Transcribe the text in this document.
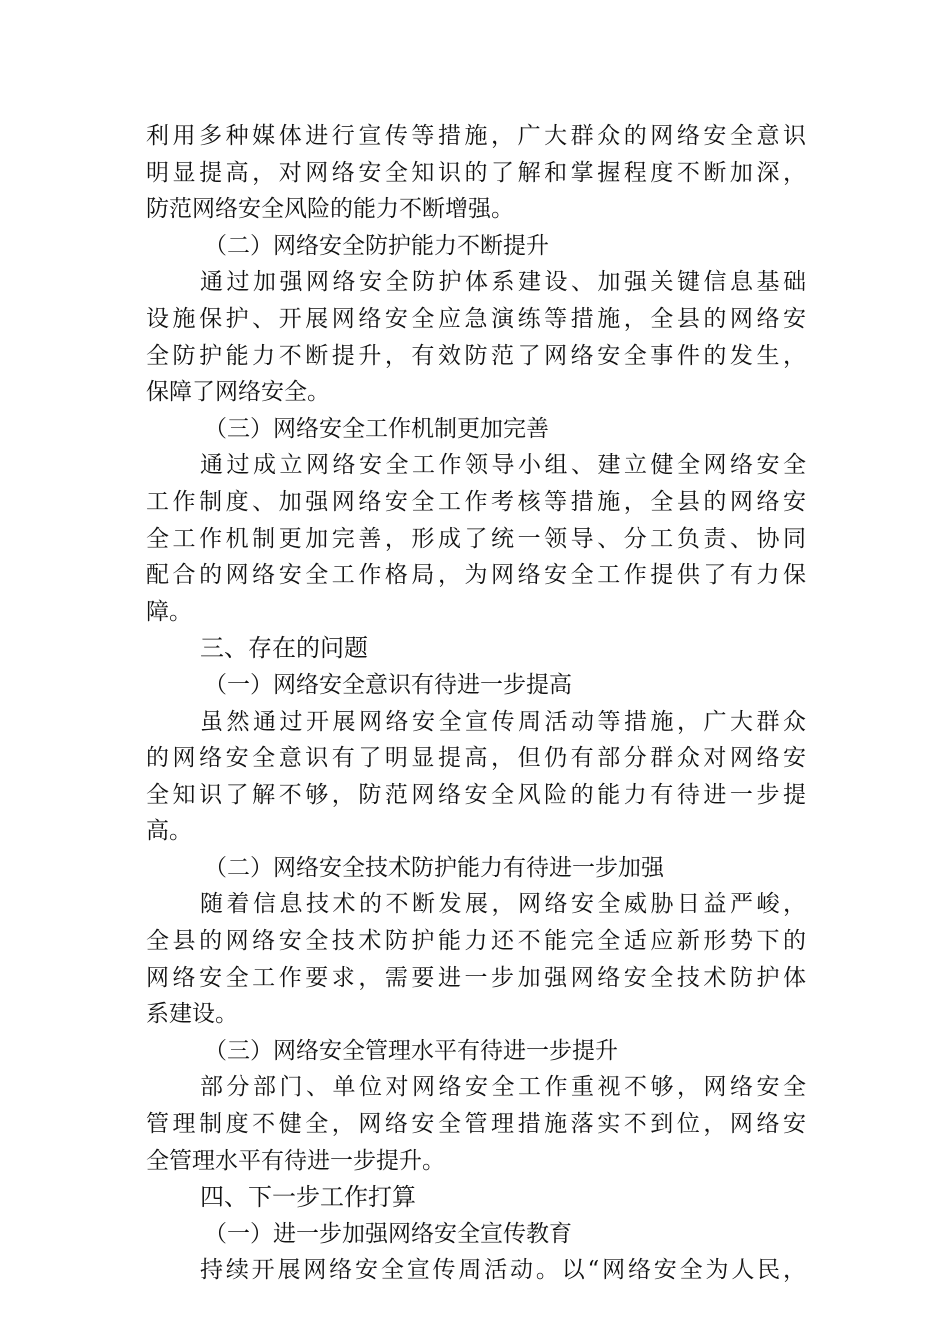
利用多种媒体进行宣传等措施，广大群众的网络安全意识
明显提高，对网络安全知识的了解和掌握程度不断加深，
防范网络安全风险的能力不断增强。
（二）网络安全防护能力不断提升
通过加强网络安全防护体系建设、加强关键信息基础
设施保护、开展网络安全应急演练等措施，全县的网络安
全防护能力不断提升，有效防范了网络安全事件的发生，
保障了网络安全。
（三）网络安全工作机制更加完善
通过成立网络安全工作领导小组、建立健全网络安全
工作制度、加强网络安全工作考核等措施，全县的网络安
全工作机制更加完善，形成了统一领导、分工负责、协同
配合的网络安全工作格局，为网络安全工作提供了有力保
障。
三、存在的问题
（一）网络安全意识有待进一步提高
虽然通过开展网络安全宣传周活动等措施，广大群众
的网络安全意识有了明显提高，但仍有部分群众对网络安
全知识了解不够，防范网络安全风险的能力有待进一步提
高。
（二）网络安全技术防护能力有待进一步加强
随着信息技术的不断发展，网络安全威胁日益严峻，
全县的网络安全技术防护能力还不能完全适应新形势下的
网络安全工作要求，需要进一步加强网络安全技术防护体
系建设。
（三）网络安全管理水平有待进一步提升
部分部门、单位对网络安全工作重视不够，网络安全
管理制度不健全，网络安全管理措施落实不到位，网络安
全管理水平有待进一步提升。
四、下一步工作打算
（一）进一步加强网络安全宣传教育
持续开展网络安全宣传周活动。以“网络安全为人民，
